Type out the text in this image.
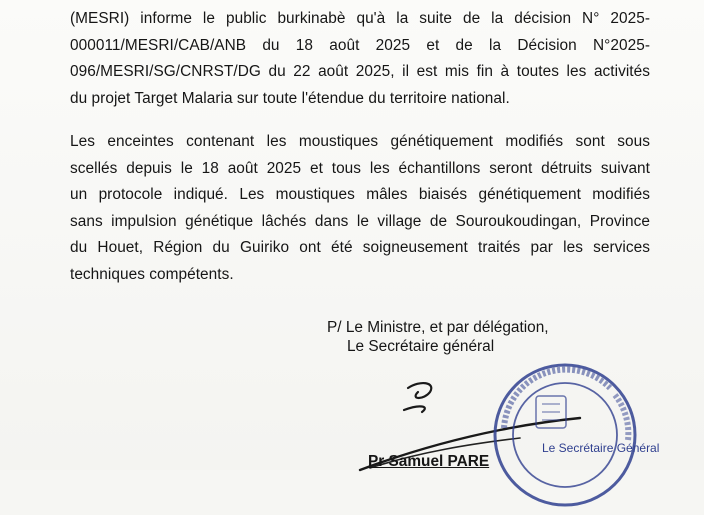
(MESRI) informe le public burkinabè qu'à la suite de la décision N° 2025-
000011/MESRI/CAB/ANB du 18 août 2025 et de la Décision N°2025-
096/MESRI/SG/CNRST/DG du 22 août 2025, il est mis fin à toutes les activités
du projet Target Malaria sur toute l'étendue du territoire national.
Les enceintes contenant les moustiques génétiquement modifiés sont sous
scellés depuis le 18 août 2025 et tous les échantillons seront détruits suivant
un protocole indiqué. Les moustiques mâles biaisés génétiquement modifiés
sans impulsion génétique lâchés dans le village de Souroukoudingan, Province
du Houet, Région du Guiriko ont été soigneusement traités par les services
techniques compétents.
P/ Le Ministre, et par délégation,
Le Secrétaire général
Le Secrétaire Général
Pr Samuel PARE
